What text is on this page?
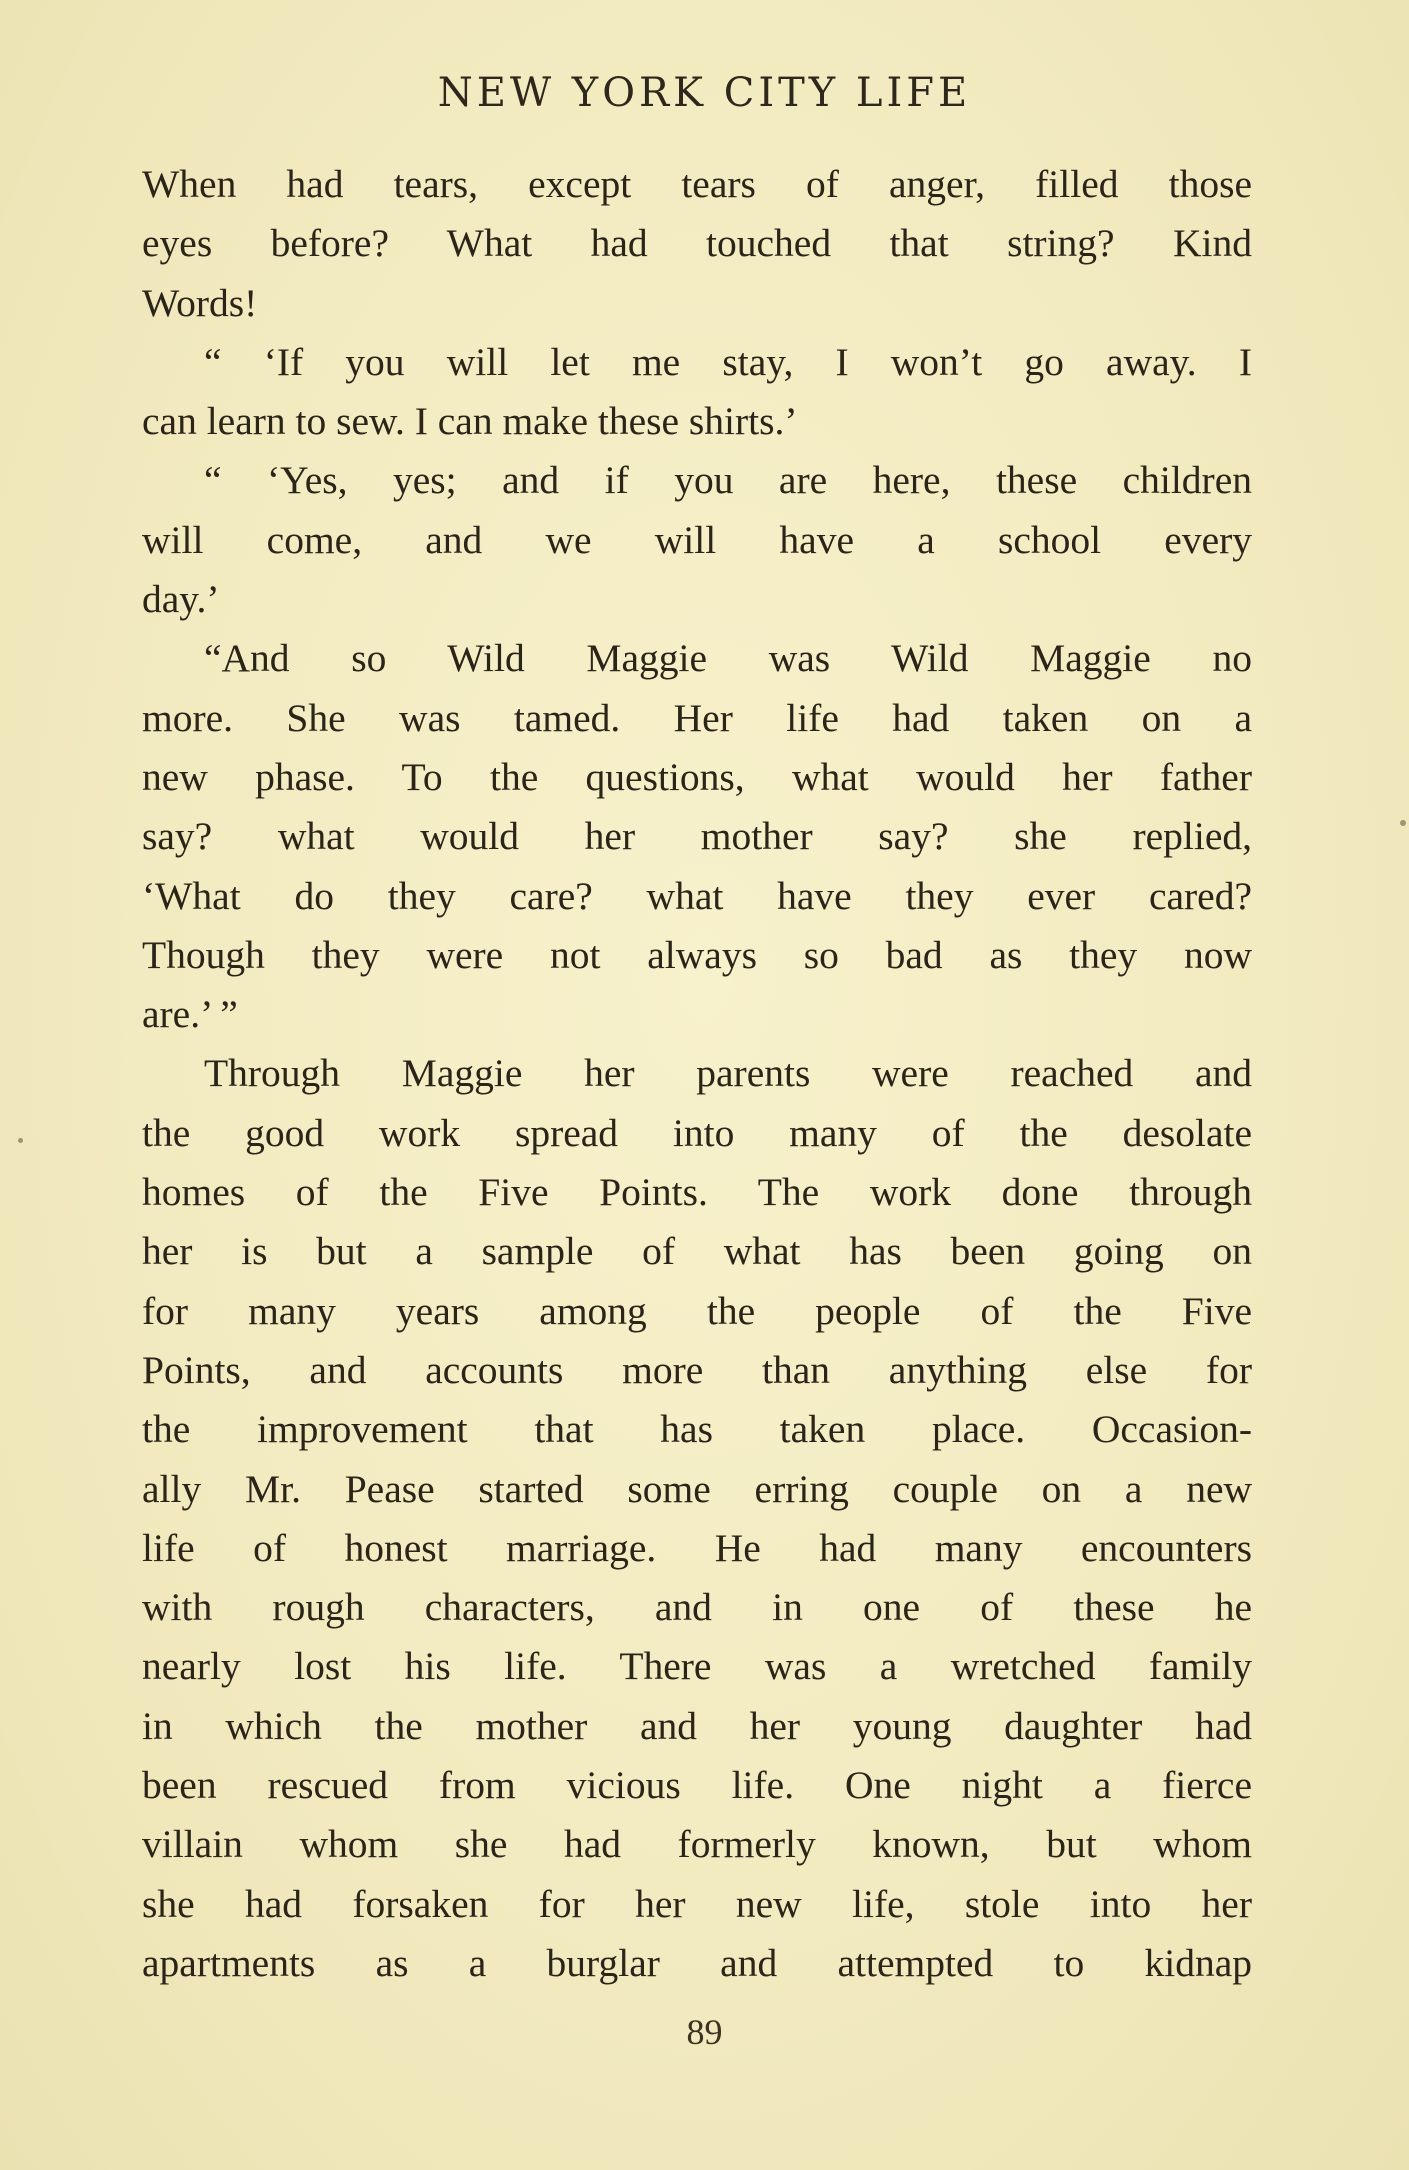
NEW YORK CITY LIFE
When had tears, except tears of anger, filled those
eyes before? What had touched that string? Kind
Words!
“ ‘If you will let me stay, I won’t go away. I
can learn to sew. I can make these shirts.’
“ ‘Yes, yes; and if you are here, these children
will come, and we will have a school every
day.’
“And so Wild Maggie was Wild Maggie no
more. She was tamed. Her life had taken on a
new phase. To the questions, what would her father
say? what would her mother say? she replied,
‘What do they care? what have they ever cared?
Though they were not always so bad as they now
are.’ ”
Through Maggie her parents were reached and
the good work spread into many of the desolate
homes of the Five Points. The work done through
her is but a sample of what has been going on
for many years among the people of the Five
Points, and accounts more than anything else for
the improvement that has taken place. Occasion-
ally Mr. Pease started some erring couple on a new
life of honest marriage. He had many encounters
with rough characters, and in one of these he
nearly lost his life. There was a wretched family
in which the mother and her young daughter had
been rescued from vicious life. One night a fierce
villain whom she had formerly known, but whom
she had forsaken for her new life, stole into her
apartments as a burglar and attempted to kidnap
89
